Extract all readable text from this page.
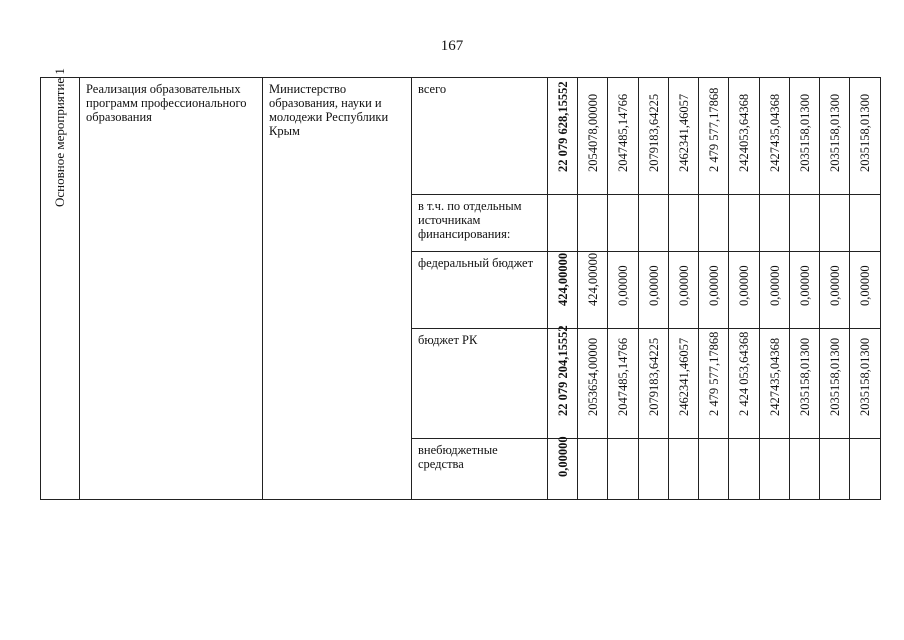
167
Основное мероприятие 1	Реализация образовательных программ профессионального образования	Министерство образования, науки и молодежи Республики Крым	всего	22 079 628,15552	2054078,00000	2047485,14766	2079183,64225	2462341,46057	2 479 577,17868	2424053,64368	2427435,04368	2035158,01300	2035158,01300	2035158,01300

			в т.ч. по отдельным источникам финансирования:											

			федеральный бюджет	424,00000	424,00000	0,00000	0,00000	0,00000	0,00000	0,00000	0,00000	0,00000	0,00000	0,00000

			бюджет РК	22 079 204,15552	2053654,00000	2047485,14766	2079183,64225	2462341,46057	2 479 577,17868	2 424 053,64368	2427435,04368	2035158,01300	2035158,01300	2035158,01300

			внебюджетные средства	0,00000										
